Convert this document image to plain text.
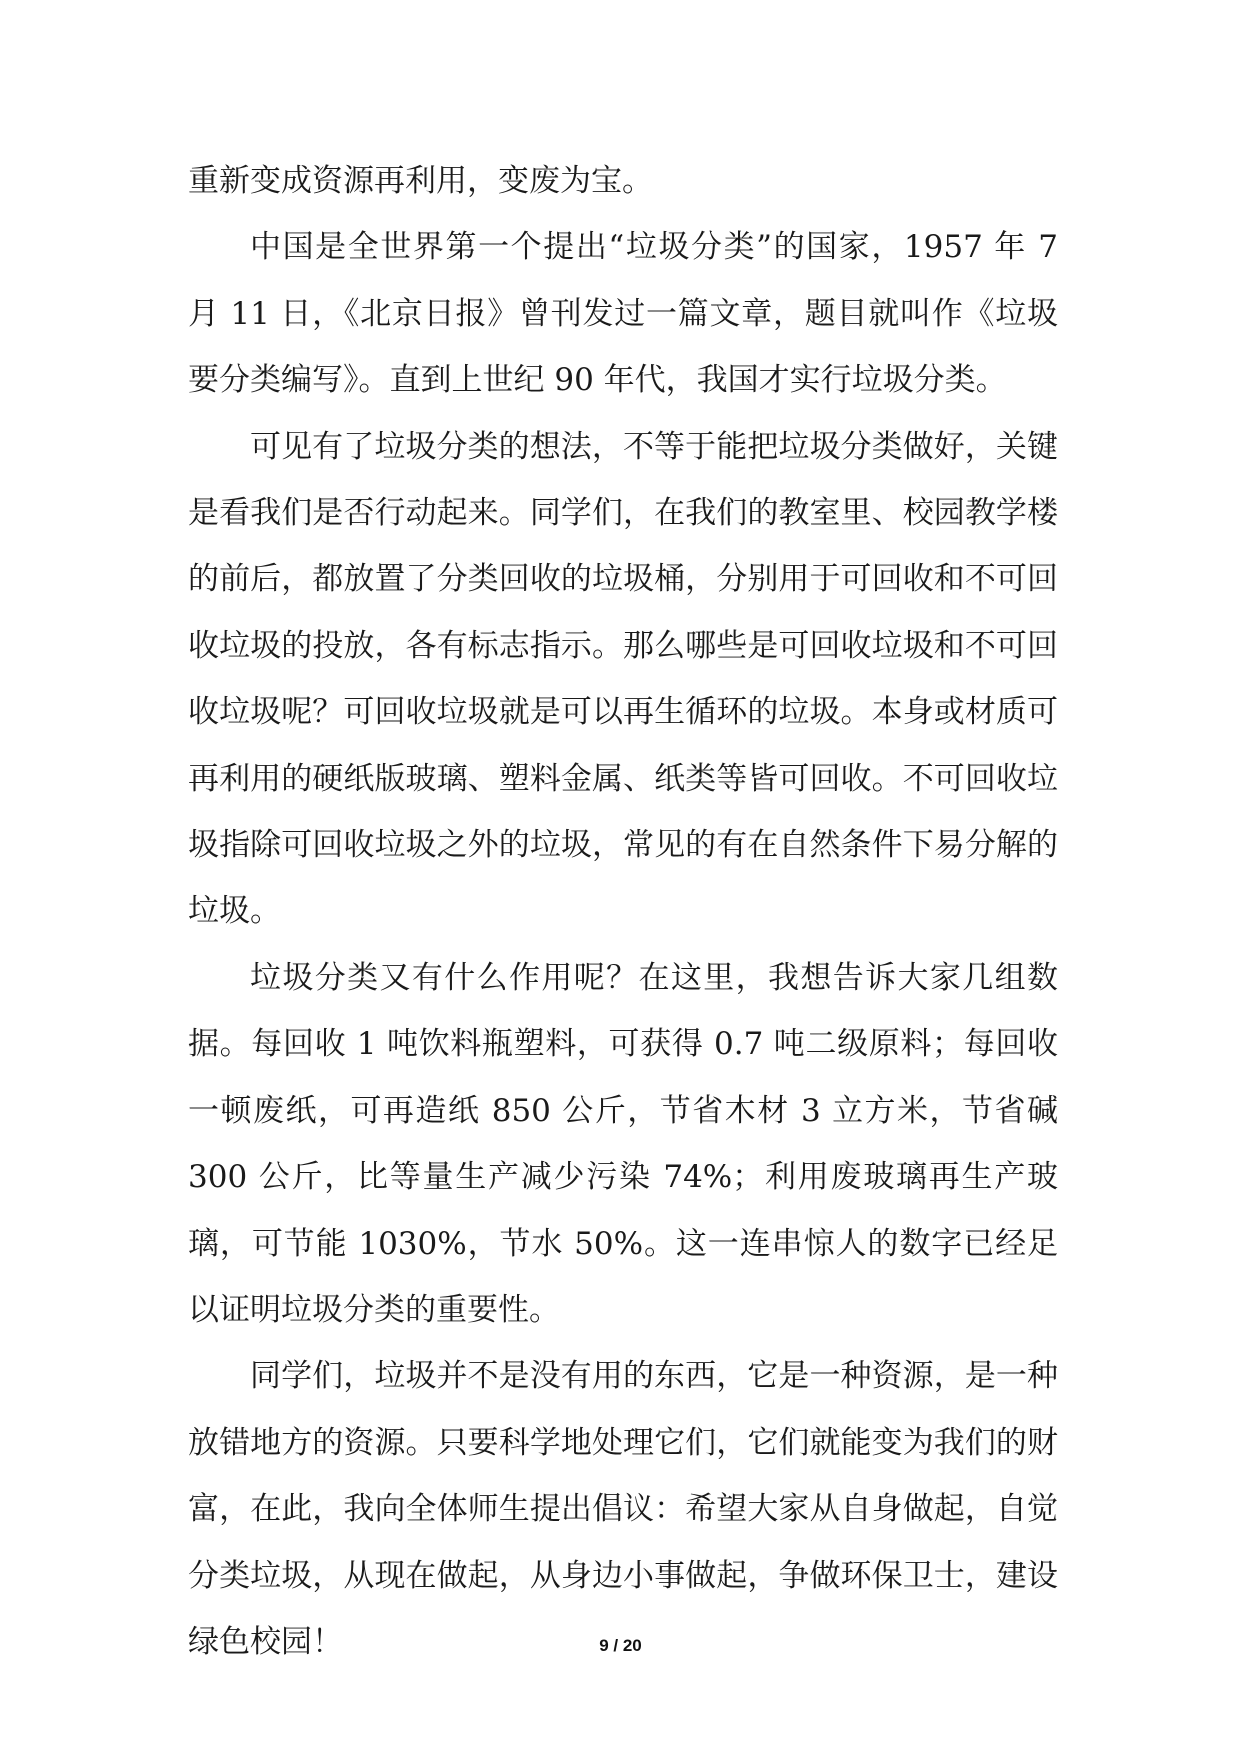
重新变成资源再利用，变废为宝。

中国是全世界第一个提出“垃圾分类”的国家，1957 年 7 月 11 日，《北京日报》曾刊发过一篇文章，题目就叫作《垃圾要分类编写》。直到上世纪 90 年代，我国才实行垃圾分类。

可见有了垃圾分类的想法，不等于能把垃圾分类做好，关键是看我们是否行动起来。同学们，在我们的教室里、校园教学楼的前后，都放置了分类回收的垃圾桶，分别用于可回收和不可回收垃圾的投放，各有标志指示。那么哪些是可回收垃圾和不可回收垃圾呢？可回收垃圾就是可以再生循环的垃圾。本身或材质可再利用的硬纸版玻璃、塑料金属、纸类等皆可回收。不可回收垃圾指除可回收垃圾之外的垃圾，常见的有在自然条件下易分解的垃圾。

垃圾分类又有什么作用呢？在这里，我想告诉大家几组数据。每回收 1 吨饮料瓶塑料，可获得 0.7 吨二级原料；每回收一顿废纸，可再造纸 850 公斤，节省木材 3 立方米，节省碱 300 公斤，比等量生产减少污染 74%；利用废玻璃再生产玻璃，可节能 1030%，节水 50%。这一连串惊人的数字已经足以证明垃圾分类的重要性。

同学们，垃圾并不是没有用的东西，它是一种资源，是一种放错地方的资源。只要科学地处理它们，它们就能变为我们的财富，在此，我向全体师生提出倡议：希望大家从自身做起，自觉分类垃圾，从现在做起，从身边小事做起，争做环保卫士，建设绿色校园！	9 / 20
